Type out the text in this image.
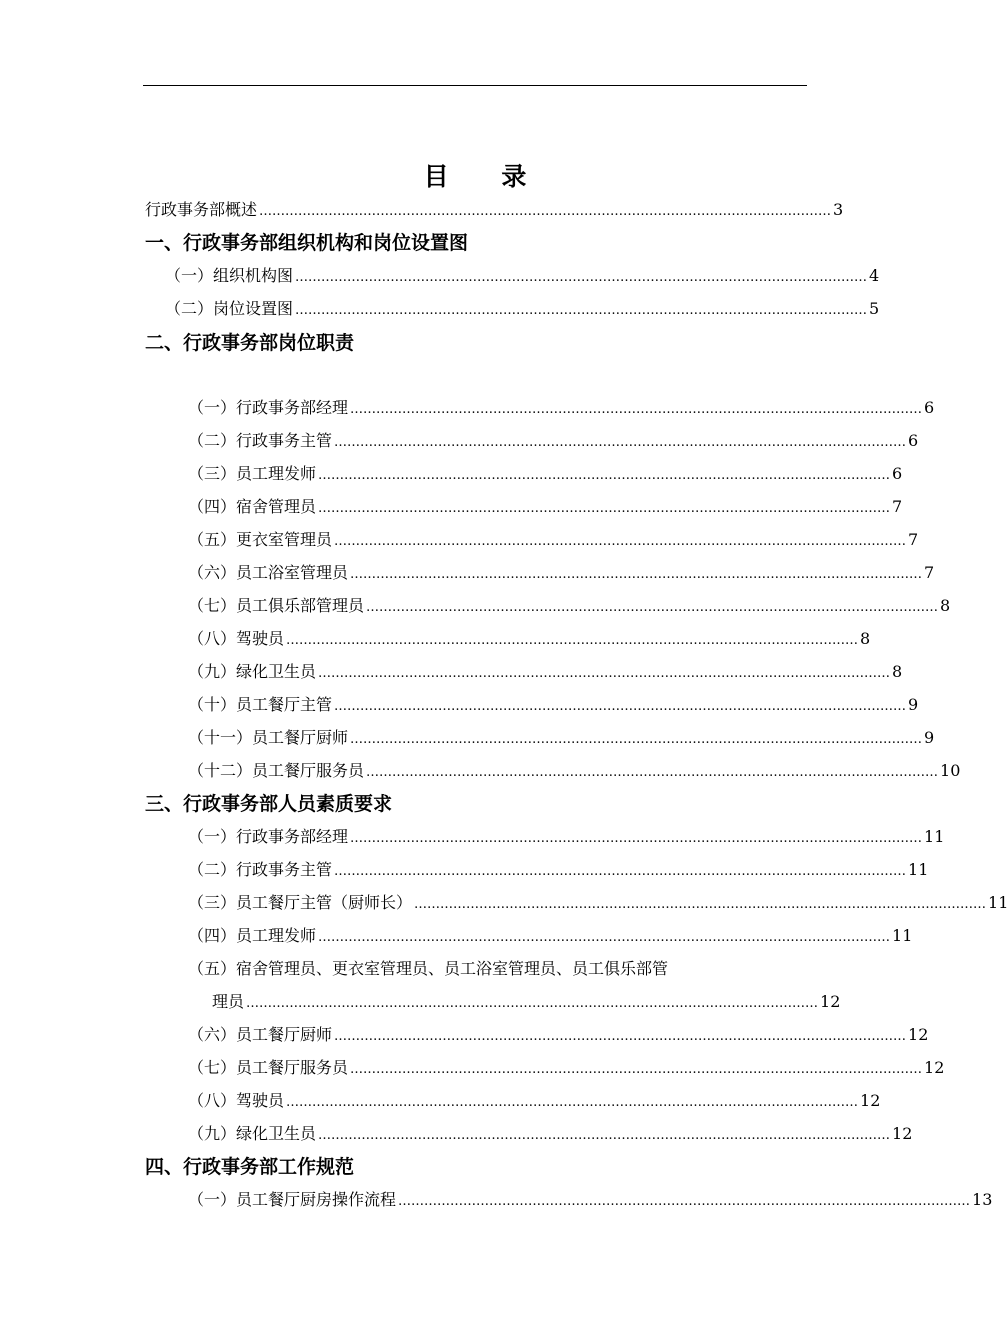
目 录
行政事务部概述 …………………………………………………………………………………………………………………… 3
一、行政事务部组织机构和岗位设置图
（一）组织机构图 …………………………………………………………………………………………………………………… 4
（二）岗位设置图 …………………………………………………………………………………………………………………… 5
二、行政事务部岗位职责
（一）行政事务部经理 …………………………………………………………………………………………………………………… 6
（二）行政事务主管 …………………………………………………………………………………………………………………… 6
（三）员工理发师 …………………………………………………………………………………………………………………… 6
（四）宿舍管理员 …………………………………………………………………………………………………………………… 7
（五）更衣室管理员 …………………………………………………………………………………………………………………… 7
（六）员工浴室管理员 …………………………………………………………………………………………………………………… 7
（七）员工俱乐部管理员 …………………………………………………………………………………………………………………… 8
（八）驾驶员 …………………………………………………………………………………………………………………… 8
（九）绿化卫生员 …………………………………………………………………………………………………………………… 8
（十）员工餐厅主管 …………………………………………………………………………………………………………………… 9
（十一）员工餐厅厨师 …………………………………………………………………………………………………………………… 9
（十二）员工餐厅服务员 …………………………………………………………………………………………………………………… 10
三、行政事务部人员素质要求
（一）行政事务部经理 …………………………………………………………………………………………………………………… 11
（二）行政事务主管 …………………………………………………………………………………………………………………… 11
（三）员工餐厅主管（厨师长） …………………………………………………………………………………………………………………… 11
（四）员工理发师 …………………………………………………………………………………………………………………… 11
（五）宿舍管理员、更衣室管理员、员工浴室管理员、员工俱乐部管
理员 …………………………………………………………………………………………………………………… 12
（六）员工餐厅厨师 …………………………………………………………………………………………………………………… 12
（七）员工餐厅服务员 …………………………………………………………………………………………………………………… 12
（八）驾驶员 …………………………………………………………………………………………………………………… 12
（九）绿化卫生员 …………………………………………………………………………………………………………………… 12
四、行政事务部工作规范
（一）员工餐厅厨房操作流程 …………………………………………………………………………………………………………………… 13
